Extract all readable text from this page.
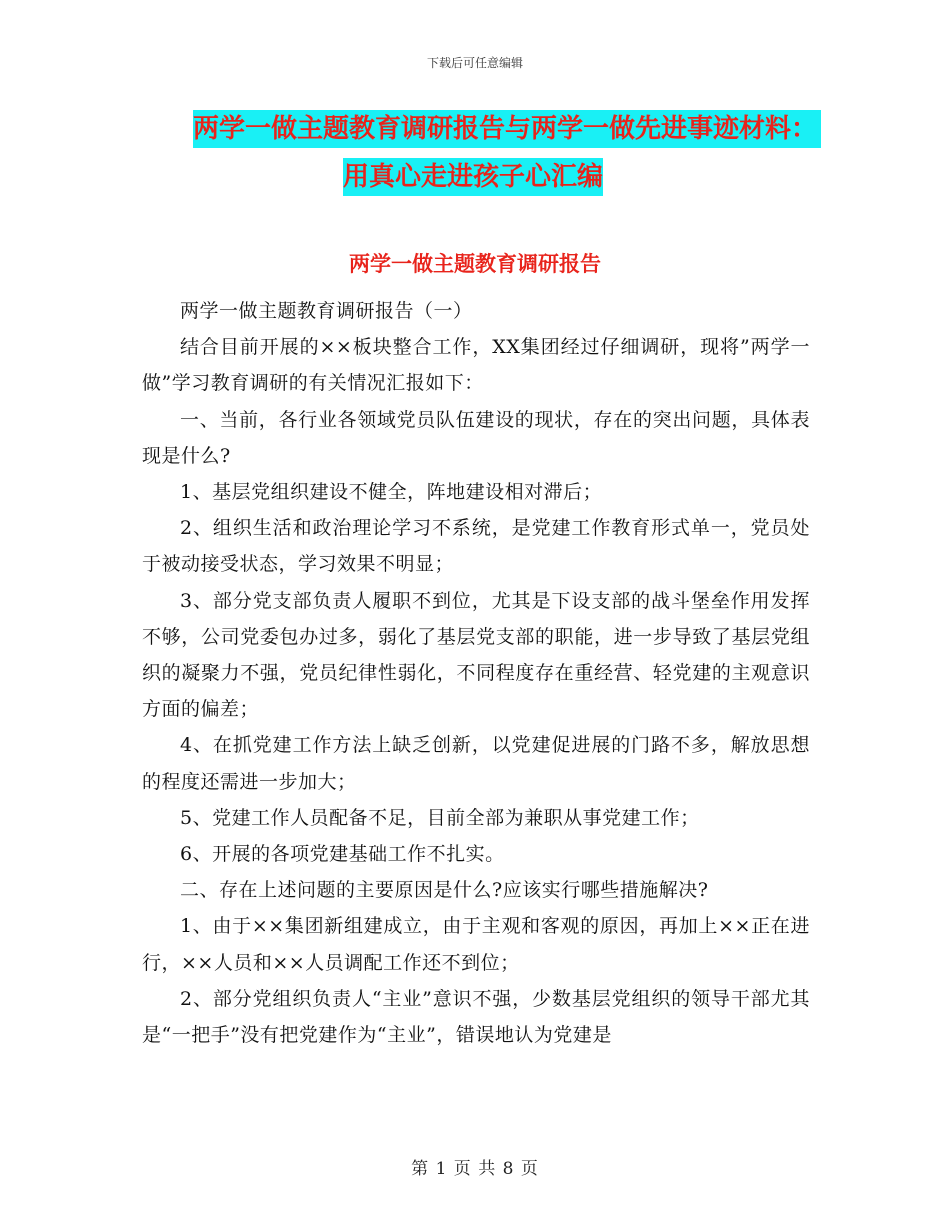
下载后可任意编辑
两学一做主题教育调研报告与两学一做先进事迹材料：
用真心走进孩子心汇编
两学一做主题教育调研报告

两学一做主题教育调研报告（一）

结合目前开展的××板块整合工作，XX集团经过仔细调研，现将”两学一做”学习教育调研的有关情况汇报如下：

一、当前，各行业各领域党员队伍建设的现状，存在的突出问题，具体表现是什么?

1、基层党组织建设不健全，阵地建设相对滞后；

2、组织生活和政治理论学习不系统，是党建工作教育形式单一，党员处于被动接受状态，学习效果不明显；

3、部分党支部负责人履职不到位，尤其是下设支部的战斗堡垒作用发挥不够，公司党委包办过多，弱化了基层党支部的职能，进一步导致了基层党组织的凝聚力不强，党员纪律性弱化，不同程度存在重经营、轻党建的主观意识方面的偏差；

4、在抓党建工作方法上缺乏创新，以党建促进展的门路不多，解放思想的程度还需进一步加大；

5、党建工作人员配备不足，目前全部为兼职从事党建工作；

6、开展的各项党建基础工作不扎实。

二、存在上述问题的主要原因是什么?应该实行哪些措施解决?

1、由于××集团新组建成立，由于主观和客观的原因，再加上××正在进行，××人员和××人员调配工作还不到位；

2、部分党组织负责人“主业”意识不强，少数基层党组织的领导干部尤其是“一把手”没有把党建作为“主业”，错误地认为党建是

第 1 页 共 8 页
